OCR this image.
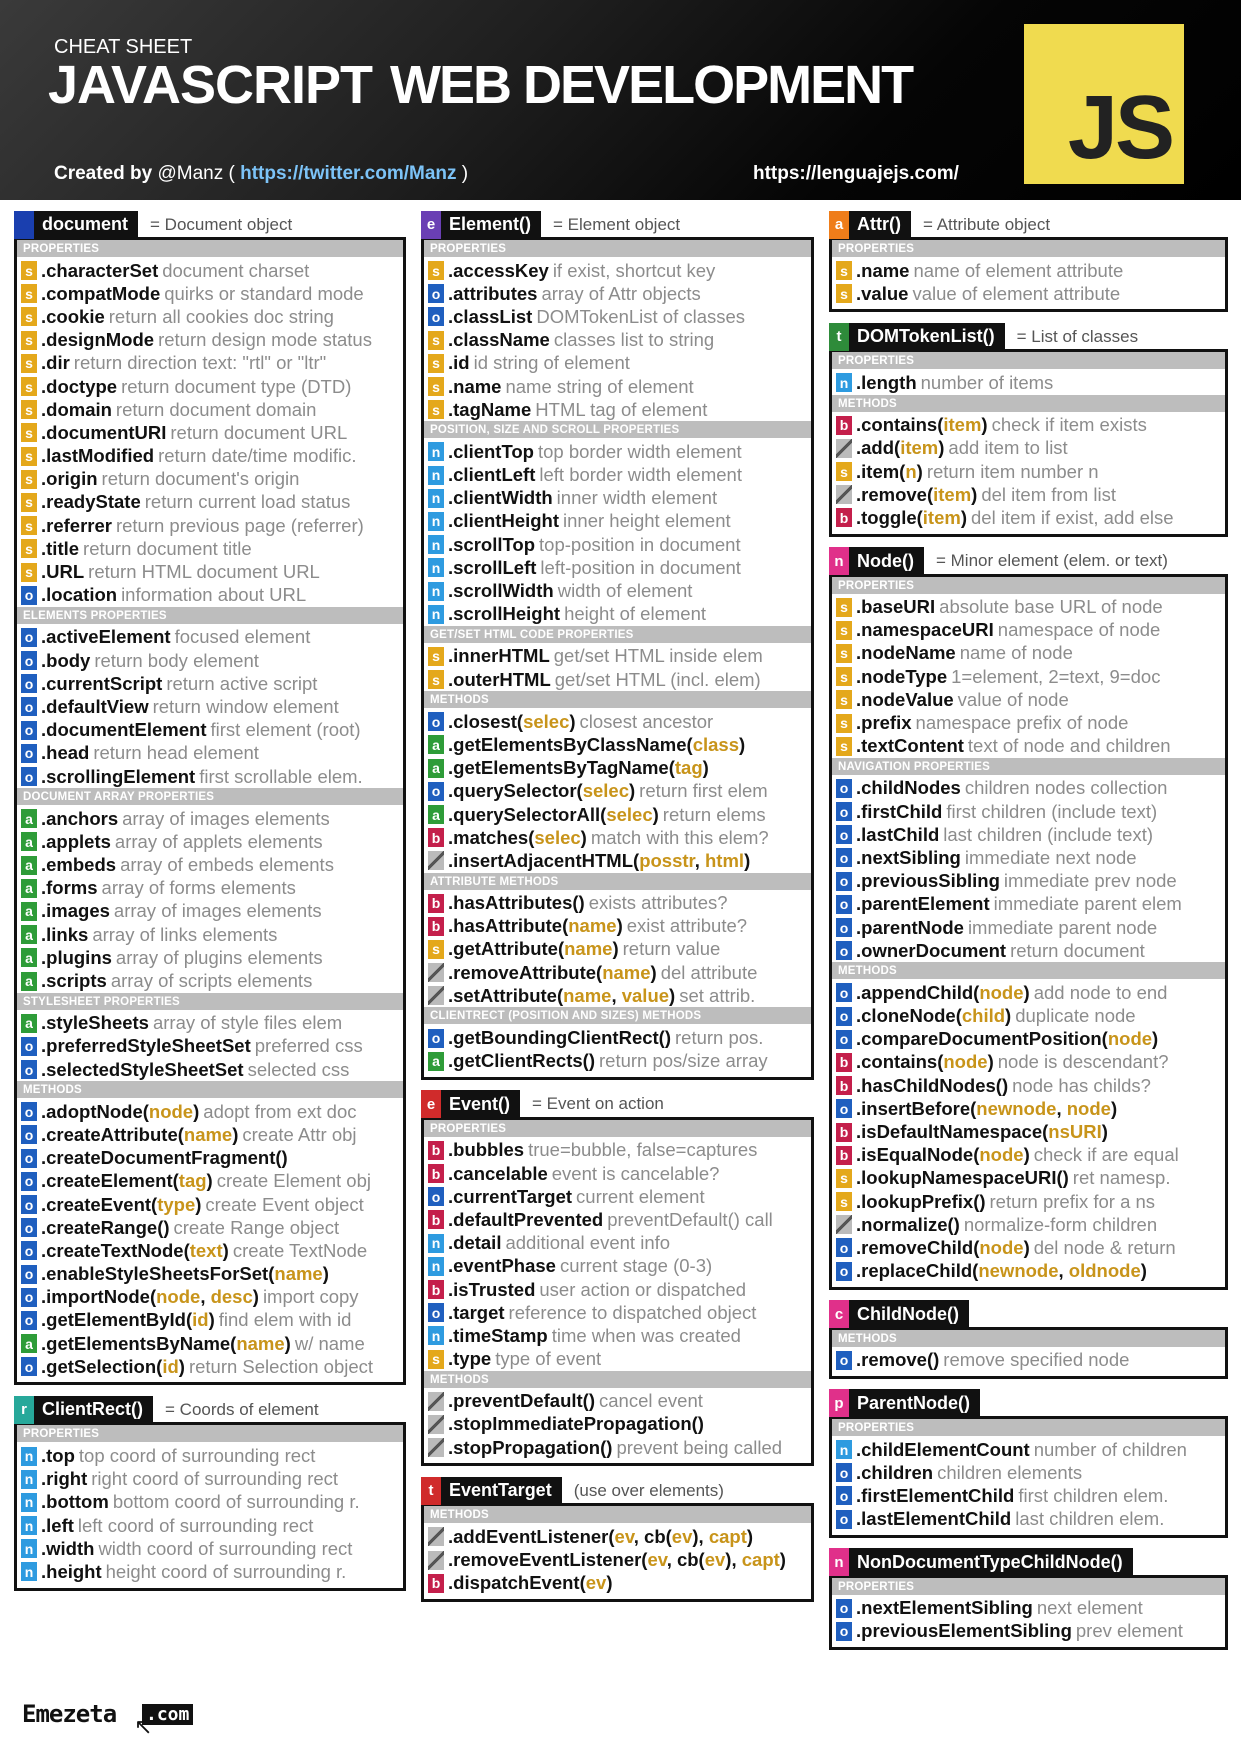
CHEAT SHEET
JAVASCRIPT WEB DEVELOPMENT
Created by @Manz ( https://twitter.com/Manz )	https://lenguajejs.com/ JS
document = Document object
PROPERTIES
s .characterSet document charset
s .compatMode quirks or standard mode
s .cookie return all cookies doc string
s .designMode return design mode status
s .dir return direction text: "rtl" or "ltr"
s .doctype return document type (DTD)
s .domain return document domain
s .documentURI return document URL
s .lastModified return date/time modific.
s .origin return document's origin
s .readyState return current load status
s .referrer return previous page (referrer)
s .title return document title
s .URL return HTML document URL
o .location information about URL
ELEMENTS PROPERTIES
o .activeElement focused element
o .body return body element
o .currentScript return active script
o .defaultView return window element
o .documentElement first element (root)
o .head return head element
o .scrollingElement first scrollable elem.
DOCUMENT ARRAY PROPERTIES
a .anchors array of images elements
a .applets array of applets elements
a .embeds array of embeds elements
a .forms array of forms elements
a .images array of images elements
a .links array of links elements
a .plugins array of plugins elements
a .scripts array of scripts elements
STYLESHEET PROPERTIES
a .styleSheets array of style files elem
o .preferredStyleSheetSet preferred css
o .selectedStyleSheetSet selected css
METHODS
o .adoptNode(node) adopt from ext doc
o .createAttribute(name) create Attr obj
o .createDocumentFragment()
o .createElement(tag) create Element obj
o .createEvent(type) create Event object
o .createRange() create Range object
o .createTextNode(text) create TextNode
o .enableStyleSheetsForSet(name)
o .importNode(node, desc) import copy
o .getElementById(id) find elem with id
a .getElementsByName(name) w/ name
o .getSelection(id) return Selection object
r ClientRect() = Coords of element
PROPERTIES
n .top top coord of surrounding rect
n .right right coord of surrounding rect
n .bottom bottom coord of surrounding r.
n .left left coord of surrounding rect
n .width width coord of surrounding rect
n .height height coord of surrounding r.
e Element() = Element object
PROPERTIES
s .accessKey if exist, shortcut key
o .attributes array of Attr objects
o .classList DOMTokenList of classes
s .className classes list to string
s .id id string of element
s .name name string of element
s .tagName HTML tag of element
POSITION, SIZE AND SCROLL PROPERTIES
n .clientTop top border width element
n .clientLeft left border width element
n .clientWidth inner width element
n .clientHeight inner height element
n .scrollTop top-position in document
n .scrollLeft left-position in document
n .scrollWidth width of element
n .scrollHeight height of element
GET/SET HTML CODE PROPERTIES
s .innerHTML get/set HTML inside elem
s .outerHTML get/set HTML (incl. elem)
METHODS
o .closest(selec) closest ancestor
a .getElementsByClassName(class)
a .getElementsByTagName(tag)
o .querySelector(selec) return first elem
a .querySelectorAll(selec) return elems
b .matches(selec) match with this elem?
.insertAdjacentHTML(posstr, html)
ATTRIBUTE METHODS
b .hasAttributes() exists attributes?
b .hasAttribute(name) exist attribute?
s .getAttribute(name) return value
.removeAttribute(name) del attribute
.setAttribute(name, value) set attrib.
CLIENTRECT (POSITION AND SIZES) METHODS
o .getBoundingClientRect() return pos.
a .getClientRects() return pos/size array
e Event() = Event on action
PROPERTIES
b .bubbles true=bubble, false=captures
b .cancelable event is cancelable?
o .currentTarget current element
b .defaultPrevented preventDefault() call
n .detail additional event info
n .eventPhase current stage (0-3)
b .isTrusted user action or dispatched
o .target reference to dispatched object
n .timeStamp time when was created
s .type type of event
METHODS
.preventDefault() cancel event
.stopImmediatePropagation()
.stopPropagation() prevent being called
t EventTarget (use over elements)
METHODS
.addEventListener(ev, cb(ev), capt)
.removeEventListener(ev, cb(ev), capt)
b .dispatchEvent(ev)
a Attr() = Attribute object
PROPERTIES
s .name name of element attribute
s .value value of element attribute
t DOMTokenList() = List of classes
PROPERTIES
n .length number of items
METHODS
b .contains(item) check if item exists
.add(item) add item to list
s .item(n) return item number n
.remove(item) del item from list
b .toggle(item) del item if exist, add else
n Node() = Minor element (elem. or text)
PROPERTIES
s .baseURI absolute base URL of node
s .namespaceURI namespace of node
s .nodeName name of node
s .nodeType 1=element, 2=text, 9=doc
s .nodeValue value of node
s .prefix namespace prefix of node
s .textContent text of node and children
NAVIGATION PROPERTIES
o .childNodes children nodes collection
o .firstChild first children (include text)
o .lastChild last children (include text)
o .nextSibling immediate next node
o .previousSibling immediate prev node
o .parentElement immediate parent elem
o .parentNode immediate parent node
o .ownerDocument return document
METHODS
o .appendChild(node) add node to end
o .cloneNode(child) duplicate node
o .compareDocumentPosition(node)
b .contains(node) node is descendant?
b .hasChildNodes() node has childs?
o .insertBefore(newnode, node)
b .isDefaultNamespace(nsURI)
b .isEqualNode(node) check if are equal
s .lookupNamespaceURI() ret namesp.
s .lookupPrefix() return prefix for a ns
.normalize() normalize-form children
o .removeChild(node) del node & return
o .replaceChild(newnode, oldnode)
c ChildNode()
METHODS
o .remove() remove specified node
p ParentNode()
PROPERTIES
n .childElementCount number of children
o .children children elements
o .firstElementChild first children elem.
o .lastElementChild last children elem.
n NonDocumentTypeChildNode()
PROPERTIES
o .nextElementSibling next element
o .previousElementSibling prev element
Emezeta .com
↖
